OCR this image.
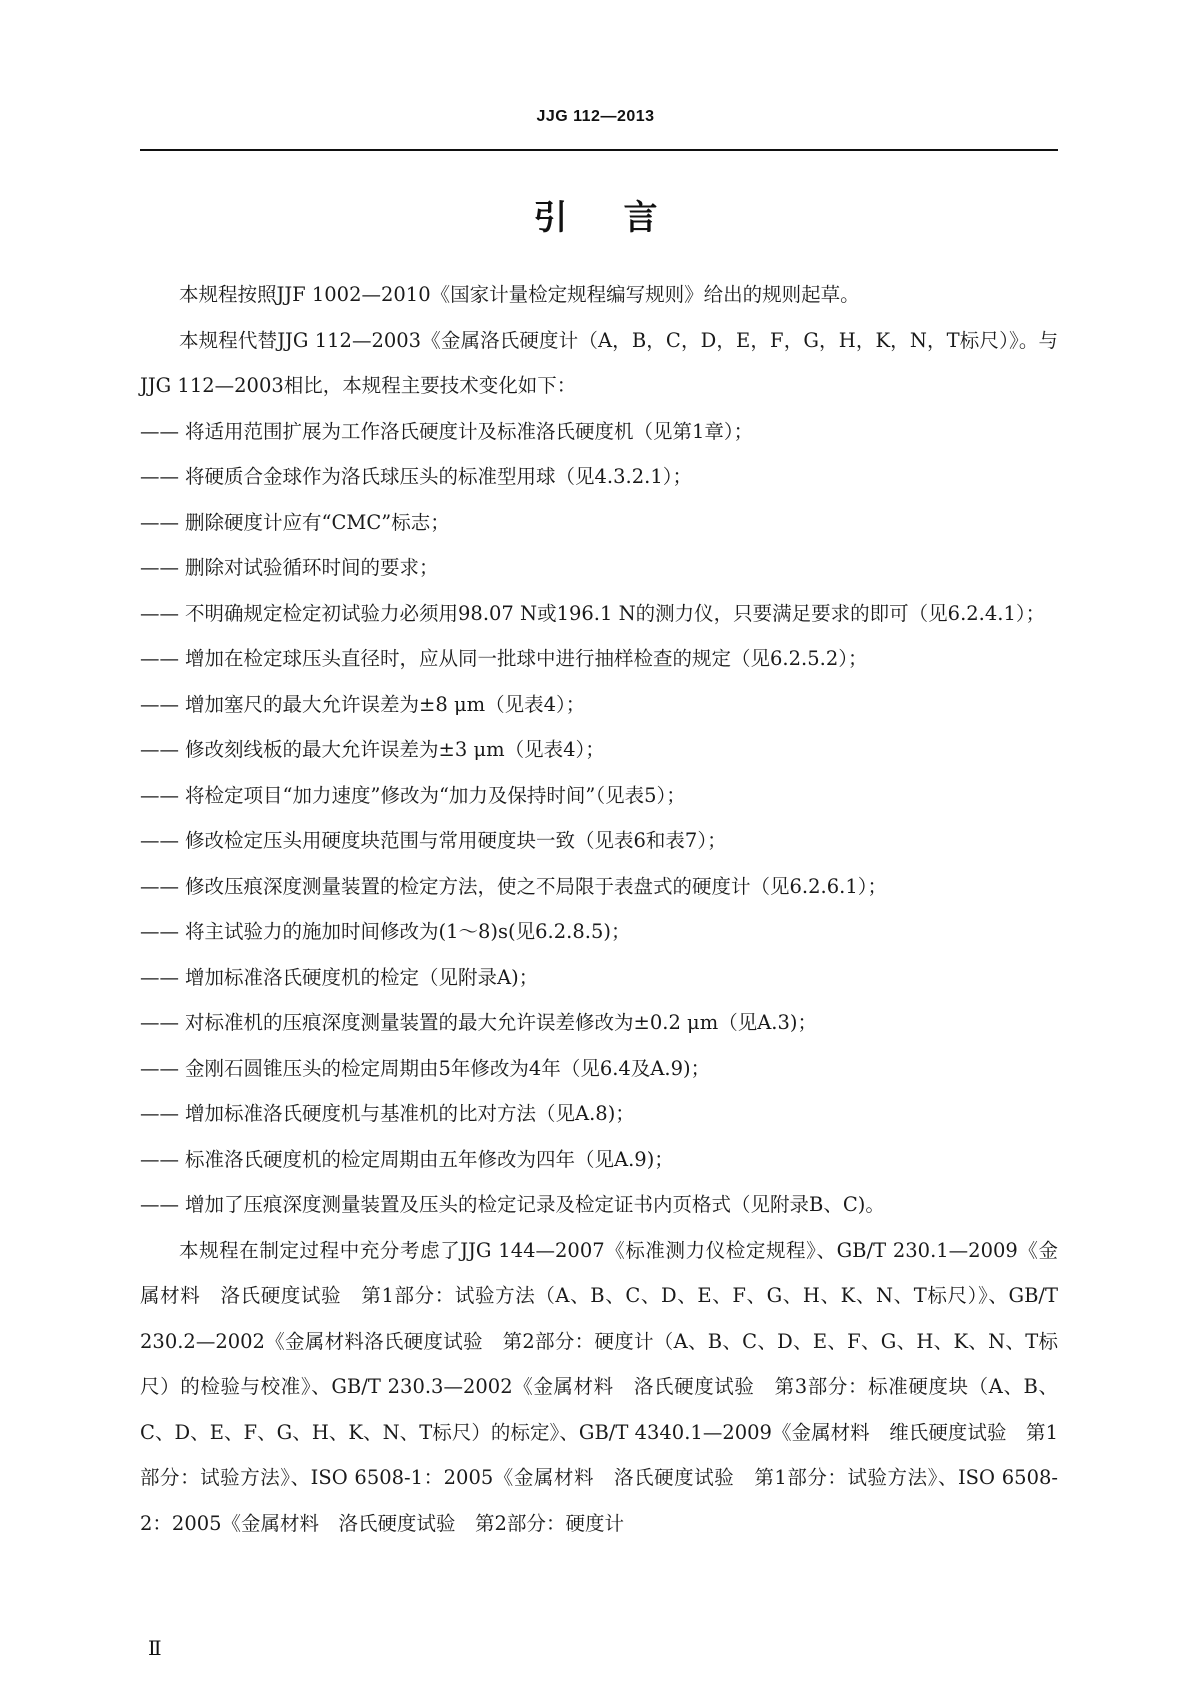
JJG 112—2013
引言

本规程按照JJF 1002—2010《国家计量检定规程编写规则》给出的规则起草。

本规程代替JJG 112—2003《金属洛氏硬度计（A，B，C，D，E，F，G，H，K，N，T标尺）》。与JJG 112—2003相比，本规程主要技术变化如下：

—— 将适用范围扩展为工作洛氏硬度计及标准洛氏硬度机（见第1章）；

—— 将硬质合金球作为洛氏球压头的标准型用球（见4.3.2.1）；

—— 删除硬度计应有“CMC”标志；

—— 删除对试验循环时间的要求；

—— 不明确规定检定初试验力必须用98.07 N或196.1 N的测力仪，只要满足要求的即可（见6.2.4.1）；

—— 增加在检定球压头直径时，应从同一批球中进行抽样检查的规定（见6.2.5.2）；

—— 增加塞尺的最大允许误差为±8 μm（见表4）；

—— 修改刻线板的最大允许误差为±3 μm（见表4）；

—— 将检定项目“加力速度”修改为“加力及保持时间”（见表5）；

—— 修改检定压头用硬度块范围与常用硬度块一致（见表6和表7）；

—— 修改压痕深度测量装置的检定方法，使之不局限于表盘式的硬度计（见6.2.6.1）；

—— 将主试验力的施加时间修改为(1～8)s(见6.2.8.5)；

—— 增加标准洛氏硬度机的检定（见附录A)；

—— 对标准机的压痕深度测量装置的最大允许误差修改为±0.2 μm（见A.3)；

—— 金刚石圆锥压头的检定周期由5年修改为4年（见6.4及A.9)；

—— 增加标准洛氏硬度机与基准机的比对方法（见A.8)；

—— 标准洛氏硬度机的检定周期由五年修改为四年（见A.9)；

—— 增加了压痕深度测量装置及压头的检定记录及检定证书内页格式（见附录B、C)。

本规程在制定过程中充分考虑了JJG 144—2007《标准测力仪检定规程》、GB/T 230.1—2009《金属材料　洛氏硬度试验　第1部分：试验方法（A、B、C、D、E、F、G、H、K、N、T标尺）》、GB/T 230.2—2002《金属材料洛氏硬度试验　第2部分：硬度计（A、B、C、D、E、F、G、H、K、N、T标尺）的检验与校准》、GB/T 230.3—2002《金属材料　洛氏硬度试验　第3部分：标准硬度块（A、B、C、D、E、F、G、H、K、N、T标尺）的标定》、GB/T 4340.1—2009《金属材料　维氏硬度试验　第1部分：试验方法》、ISO 6508-1：2005《金属材料　洛氏硬度试验　第1部分：试验方法》、ISO 6508-2：2005《金属材料　洛氏硬度试验　第2部分：硬度计

Ⅱ
